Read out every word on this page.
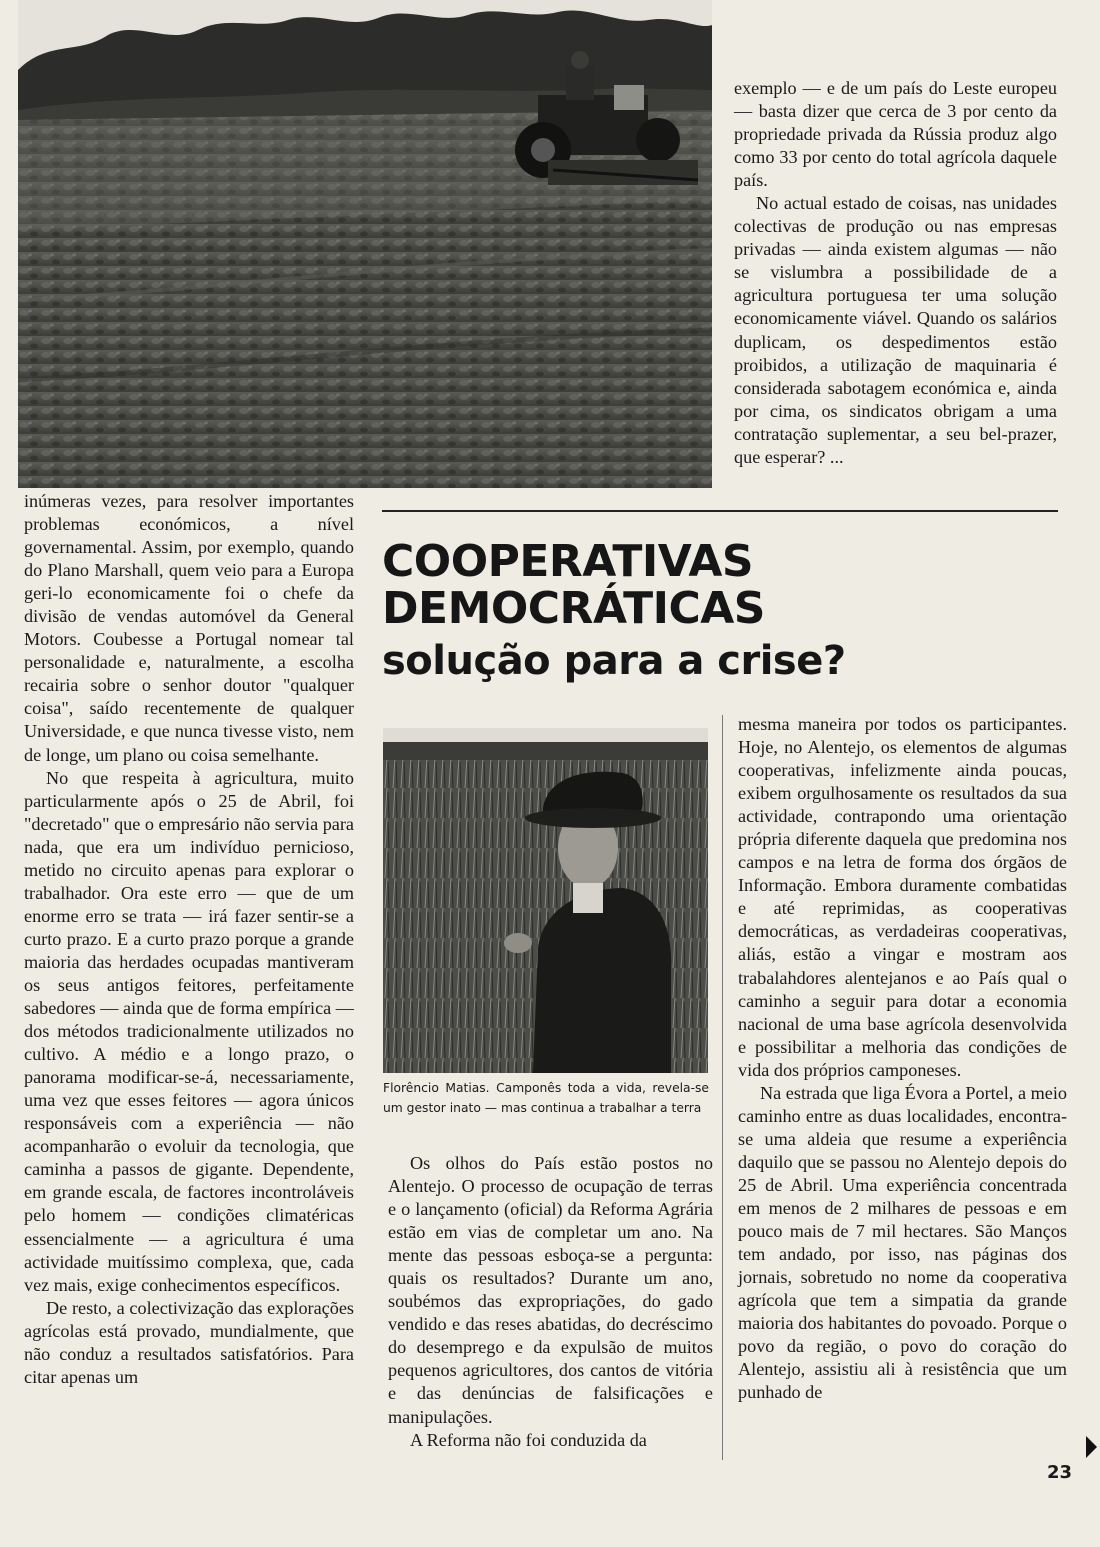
exemplo — e de um país do Leste europeu — basta dizer que cerca de 3 por cento da propriedade privada da Rússia produz algo como 33 por cento do total agrícola daquele país.

No actual estado de coisas, nas unidades colectivas de produção ou nas empresas privadas — ainda existem algumas — não se vislumbra a possibilidade de a agricultura portuguesa ter uma solução economicamente viável. Quando os salários duplicam, os despedimentos estão proibidos, a utilização de maquinaria é considerada sabotagem económica e, ainda por cima, os sindicatos obrigam a uma contratação suplementar, a seu bel-prazer, que esperar? ...

COOPERATIVAS
DEMOCRÁTICAS
solução para a crise?

inúmeras vezes, para resolver importantes problemas económicos, a nível governamental. Assim, por exemplo, quando do Plano Marshall, quem veio para a Europa geri-lo economicamente foi o chefe da divisão de vendas automóvel da General Motors. Coubesse a Portugal nomear tal personalidade e, naturalmente, a escolha recairia sobre o senhor doutor "qualquer coisa", saído recentemente de qualquer Universidade, e que nunca tivesse visto, nem de longe, um plano ou coisa semelhante.

No que respeita à agricultura, muito particularmente após o 25 de Abril, foi "decretado" que o empresário não servia para nada, que era um indivíduo pernicioso, metido no circuito apenas para explorar o trabalhador. Ora este erro — que de um enorme erro se trata — irá fazer sentir-se a curto prazo. E a curto prazo porque a grande maioria das herdades ocupadas mantiveram os seus antigos feitores, perfeitamente sabedores — ainda que de forma empírica — dos métodos tradicionalmente utilizados no cultivo. A médio e a longo prazo, o panorama modificar-se-á, necessariamente, uma vez que esses feitores — agora únicos responsáveis com a experiência — não acompanharão o evoluir da tecnologia, que caminha a passos de gigante. Dependente, em grande escala, de factores incontroláveis pelo homem — condições climatéricas essencialmente — a agricultura é uma actividade muitíssimo complexa, que, cada vez mais, exige conhecimentos específicos.

De resto, a colectivização das explorações agrícolas está provado, mundialmente, que não conduz a resultados satisfatórios. Para citar apenas um

Florêncio Matias. Camponês toda a vida, revela-se um gestor inato — mas continua a trabalhar a terra

Os olhos do País estão postos no Alentejo. O processo de ocupação de terras e o lançamento (oficial) da Reforma Agrária estão em vias de completar um ano. Na mente das pessoas esboça-se a pergunta: quais os resultados? Durante um ano, soubémos das expropriações, do gado vendido e das reses abatidas, do decréscimo do desemprego e da expulsão de muitos pequenos agricultores, dos cantos de vitória e das denúncias de falsificações e manipulações.

A Reforma não foi conduzida da

mesma maneira por todos os participantes. Hoje, no Alentejo, os elementos de algumas cooperativas, infelizmente ainda poucas, exibem orgulhosamente os resultados da sua actividade, contrapondo uma orientação própria diferente daquela que predomina nos campos e na letra de forma dos órgãos de Informação. Embora duramente combatidas e até reprimidas, as cooperativas democráticas, as verdadeiras cooperativas, aliás, estão a vingar e mostram aos trabalahdores alentejanos e ao País qual o caminho a seguir para dotar a economia nacional de uma base agrícola desenvolvida e possibilitar a melhoria das condições de vida dos próprios camponeses.

Na estrada que liga Évora a Portel, a meio caminho entre as duas localidades, encontra-se uma aldeia que resume a experiência daquilo que se passou no Alentejo depois do 25 de Abril. Uma experiência concentrada em menos de 2 milhares de pessoas e em pouco mais de 7 mil hectares. São Manços tem andado, por isso, nas páginas dos jornais, sobretudo no nome da cooperativa agrícola que tem a simpatia da grande maioria dos habitantes do povoado. Porque o povo da região, o povo do coração do Alentejo, assistiu ali à resistência que um punhado de

23
